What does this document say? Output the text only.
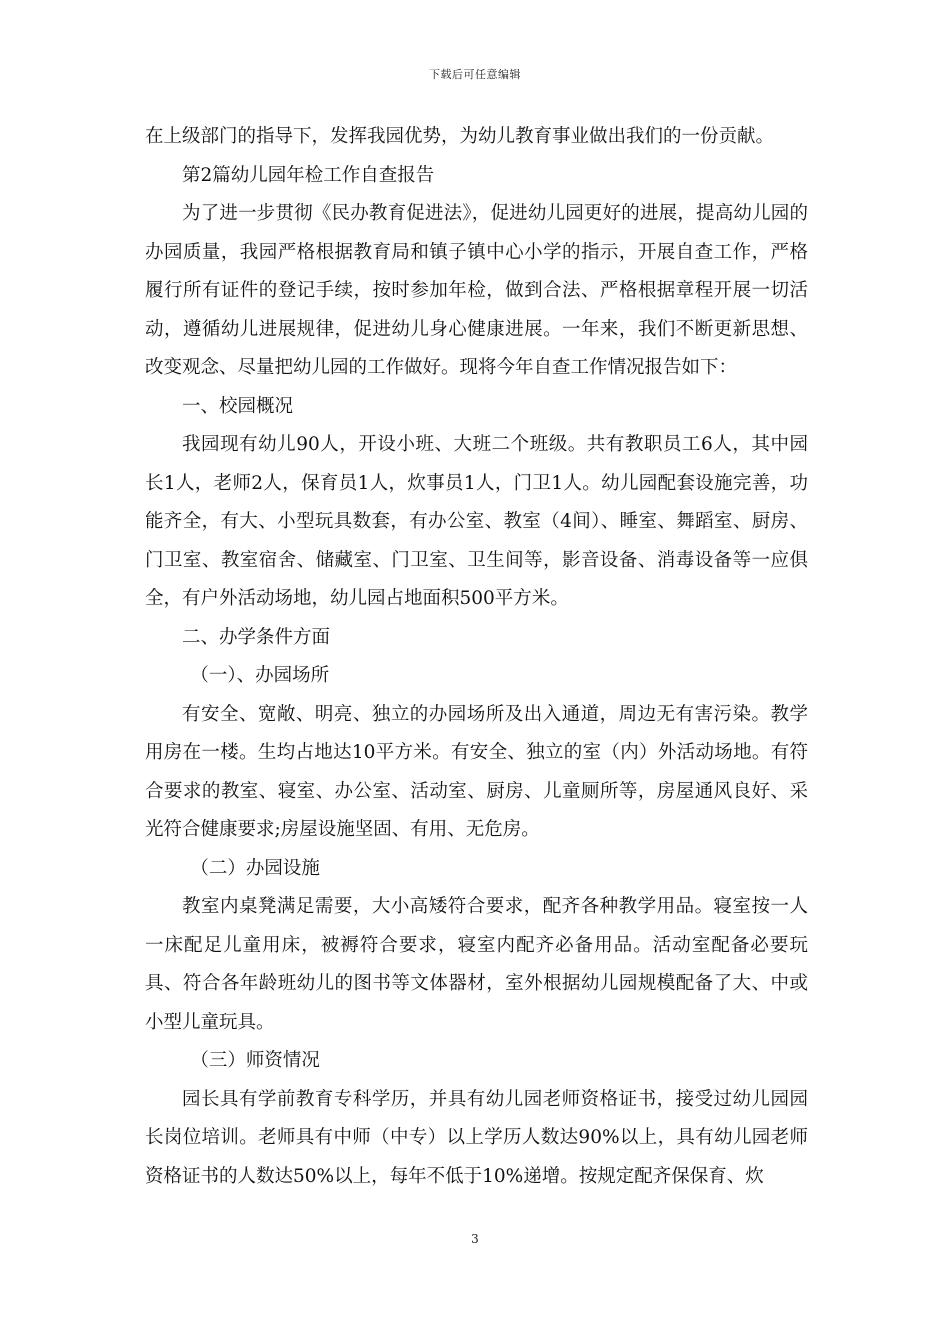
下载后可任意编辑

在上级部门的指导下，发挥我园优势，为幼儿教育事业做出我们的一份贡献。

第2篇幼儿园年检工作自查报告

为了进一步贯彻《民办教育促进法》，促进幼儿园更好的进展，提高幼儿园的办园质量，我园严格根据教育局和镇子镇中心小学的指示，开展自查工作，严格履行所有证件的登记手续，按时参加年检，做到合法、严格根据章程开展一切活动，遵循幼儿进展规律，促进幼儿身心健康进展。一年来，我们不断更新思想、改变观念、尽量把幼儿园的工作做好。现将今年自查工作情况报告如下：

一、校园概况

我园现有幼儿90人，开设小班、大班二个班级。共有教职员工6人，其中园长1人，老师2人，保育员1人，炊事员1人，门卫1人。幼儿园配套设施完善，功能齐全，有大、小型玩具数套，有办公室、教室（4间）、睡室、舞蹈室、厨房、门卫室、教室宿舍、储藏室、门卫室、卫生间等，影音设备、消毒设备等一应俱全，有户外活动场地，幼儿园占地面积500平方米。

二、办学条件方面

（一）、办园场所

有安全、宽敞、明亮、独立的办园场所及出入通道，周边无有害污染。教学用房在一楼。生均占地达10平方米。有安全、独立的室（内）外活动场地。有符合要求的教室、寝室、办公室、活动室、厨房、儿童厕所等，房屋通风良好、采光符合健康要求;房屋设施坚固、有用、无危房。

（二）办园设施

教室内桌凳满足需要，大小高矮符合要求，配齐各种教学用品。寝室按一人一床配足儿童用床，被褥符合要求，寝室内配齐必备用品。活动室配备必要玩具、符合各年龄班幼儿的图书等文体器材，室外根据幼儿园规模配备了大、中或小型儿童玩具。

（三）师资情况

园长具有学前教育专科学历，并具有幼儿园老师资格证书，接受过幼儿园园长岗位培训。老师具有中师（中专）以上学历人数达90%以上，具有幼儿园老师资格证书的人数达50%以上，每年不低于10%递增。按规定配齐保保育、炊

3
